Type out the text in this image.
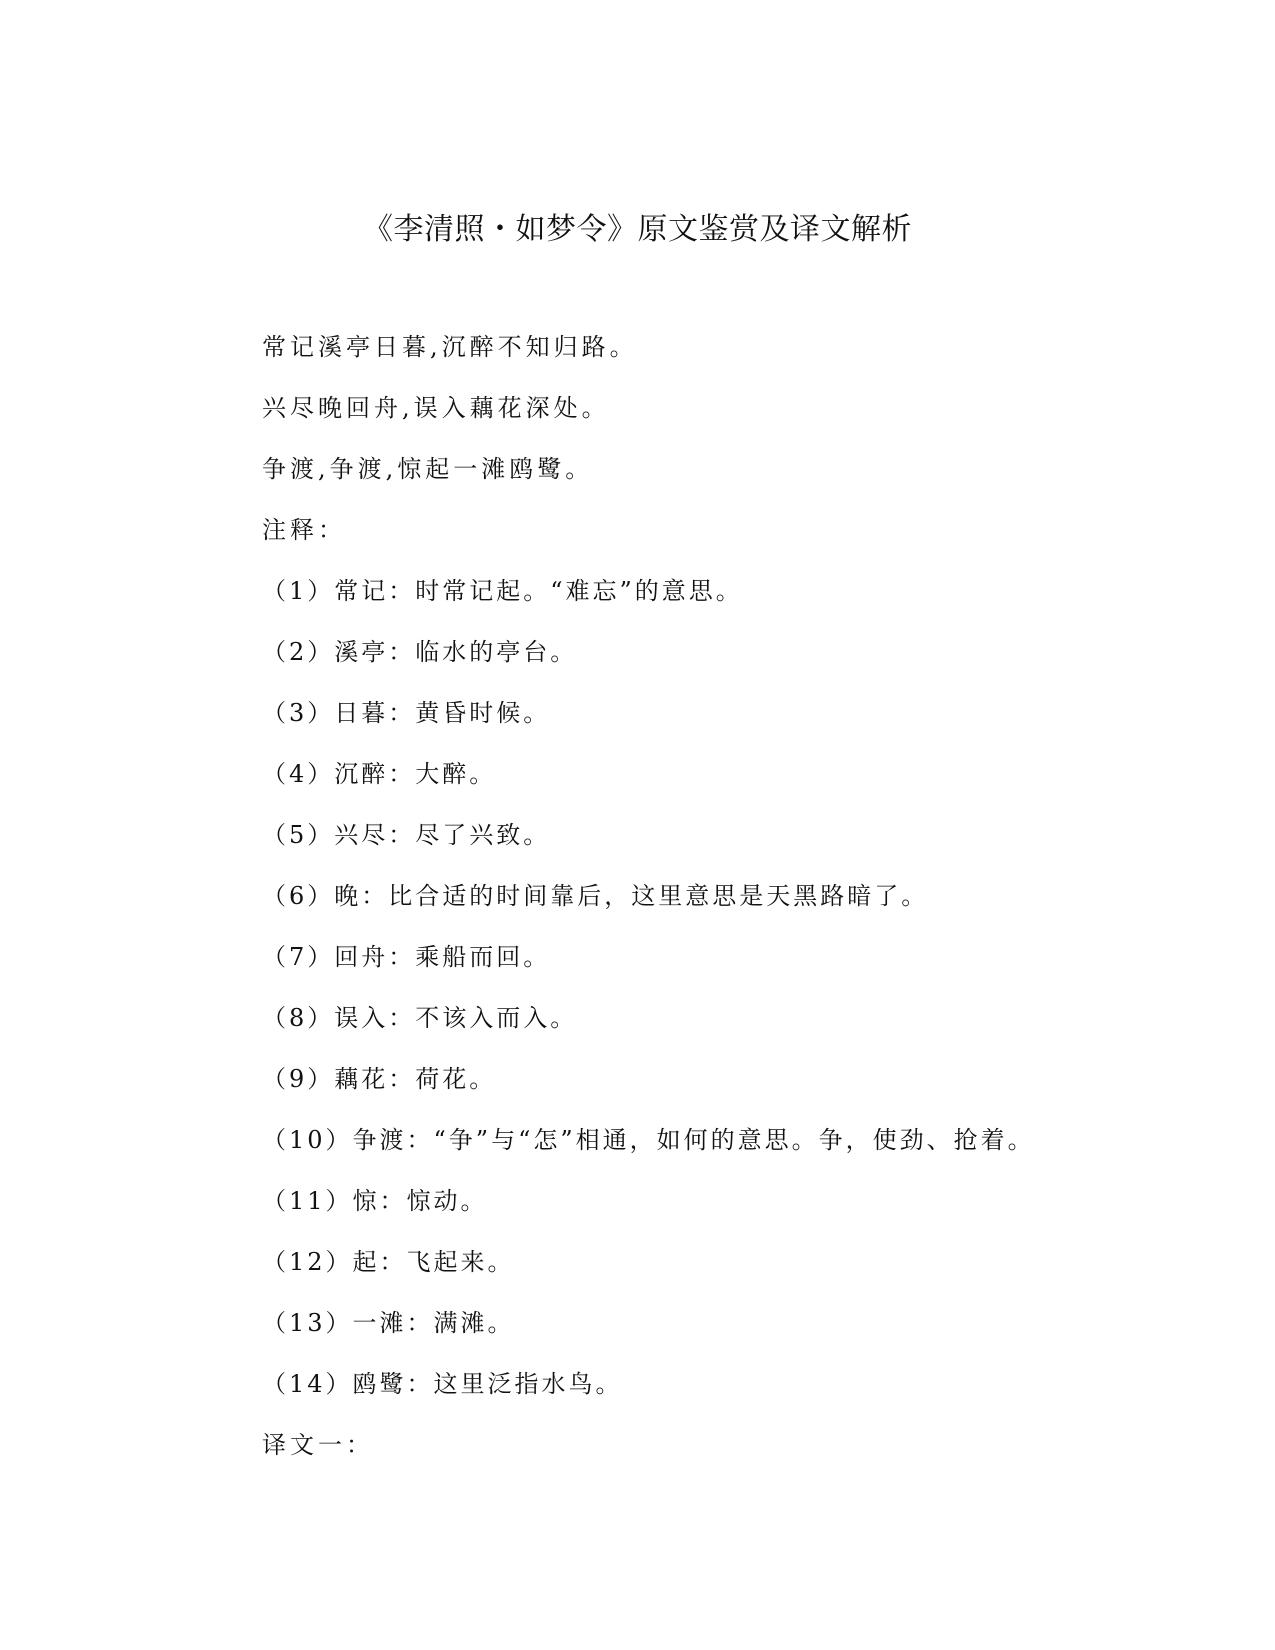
《李清照・如梦令》原文鉴赏及译文解析
常记溪亭日暮,沉醉不知归路。
兴尽晚回舟,误入藕花深处。
争渡,争渡,惊起一滩鸥鹭。
注释：
（1）常记：时常记起。“难忘”的意思。
（2）溪亭：临水的亭台。
（3）日暮：黄昏时候。
（4）沉醉：大醉。
（5）兴尽：尽了兴致。
（6）晚：比合适的时间靠后，这里意思是天黑路暗了。
（7）回舟：乘船而回。
（8）误入：不该入而入。
（9）藕花：荷花。
（10）争渡：“争”与“怎”相通，如何的意思。争，使劲、抢着。
（11）惊：惊动。
（12）起：飞起来。
（13）一滩：满滩。
（14）鸥鹭：这里泛指水鸟。
译文一：
